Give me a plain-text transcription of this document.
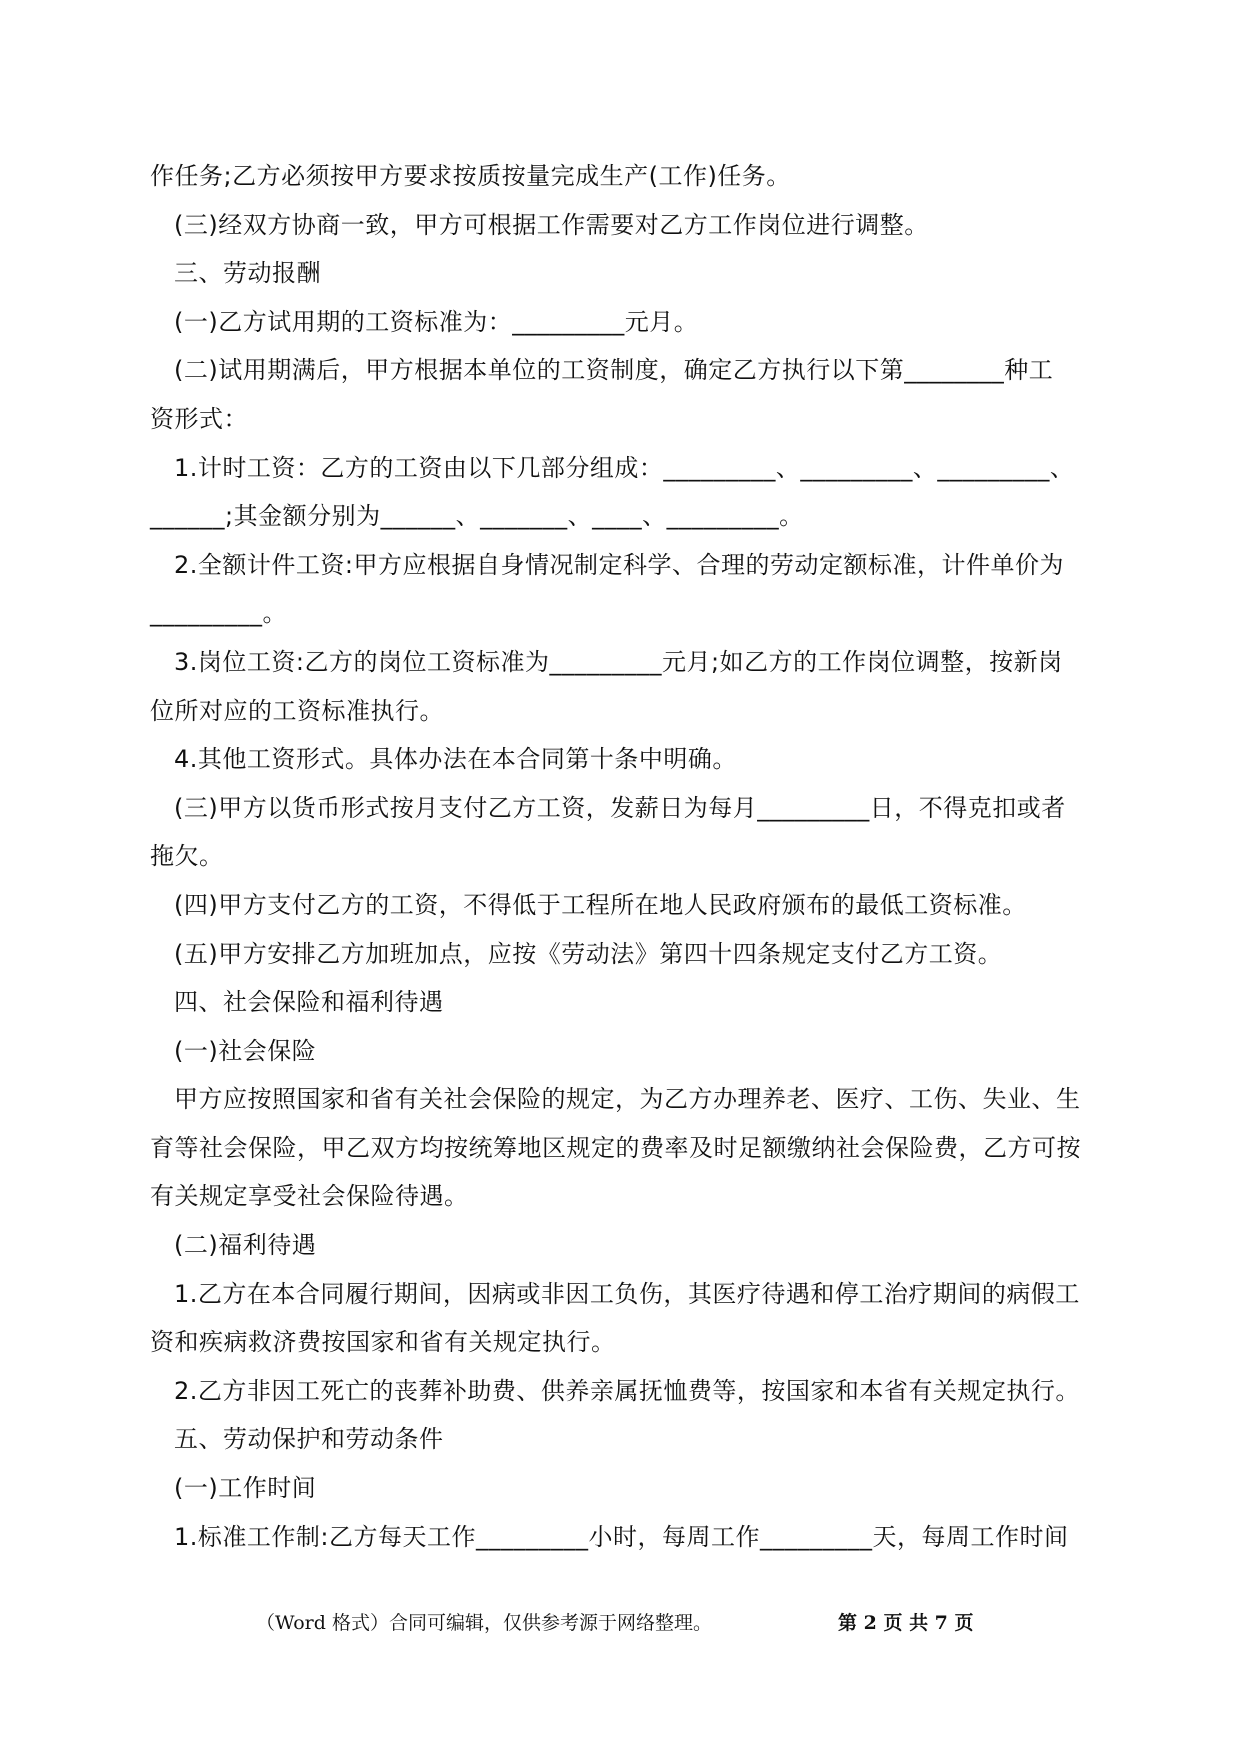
作任务;乙方必须按甲方要求按质按量完成生产(工作)任务。
(三)经双方协商一致，甲方可根据工作需要对乙方工作岗位进行调整。
三、劳动报酬
(一)乙方试用期的工资标准为：_________元月。
(二)试用期满后，甲方根据本单位的工资制度，确定乙方执行以下第________种工
资形式：
1.计时工资：乙方的工资由以下几部分组成：_________、_________、_________、
______;其金额分别为______、_______、____、_________。
2.全额计件工资:甲方应根据自身情况制定科学、合理的劳动定额标准，计件单价为
_________。
3.岗位工资:乙方的岗位工资标准为_________元月;如乙方的工作岗位调整，按新岗
位所对应的工资标准执行。
4.其他工资形式。具体办法在本合同第十条中明确。
(三)甲方以货币形式按月支付乙方工资，发薪日为每月_________日，不得克扣或者
拖欠。
(四)甲方支付乙方的工资，不得低于工程所在地人民政府颁布的最低工资标准。
(五)甲方安排乙方加班加点，应按《劳动法》第四十四条规定支付乙方工资。
四、社会保险和福利待遇
(一)社会保险
甲方应按照国家和省有关社会保险的规定，为乙方办理养老、医疗、工伤、失业、生
育等社会保险，甲乙双方均按统筹地区规定的费率及时足额缴纳社会保险费，乙方可按
有关规定享受社会保险待遇。
(二)福利待遇
1.乙方在本合同履行期间，因病或非因工负伤，其医疗待遇和停工治疗期间的病假工
资和疾病救济费按国家和省有关规定执行。
2.乙方非因工死亡的丧葬补助费、供养亲属抚恤费等，按国家和本省有关规定执行。
五、劳动保护和劳动条件
(一)工作时间
1.标准工作制:乙方每天工作_________小时，每周工作_________天，每周工作时间
（Word 格式）合同可编辑，仅供参考源于网络整理。	第 2 页 共 7 页
